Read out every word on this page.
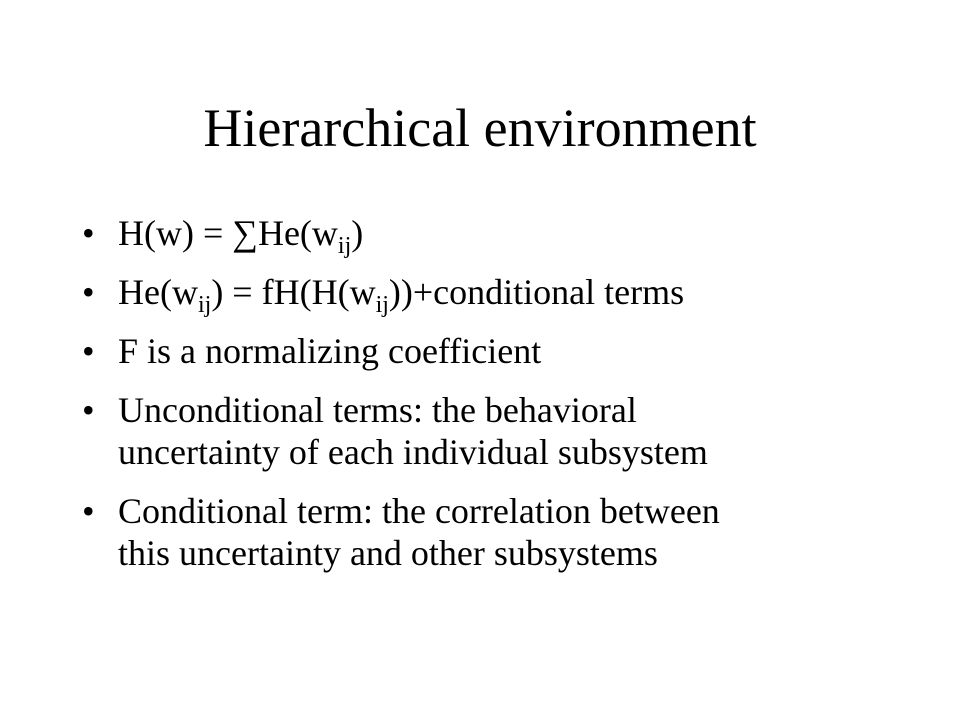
Hierarchical environment
• $H(w) = \sum He(w_{ij})$
• $He(w_{ij})$ = $fH(H(w_{ij}))+conditional$ terms
• F is a normalizing coefficient
• Unconditional terms: the behavioral
uncertainty of each individual subsystem
• Conditional term: the correlation between
this uncertainty and other subsystems
